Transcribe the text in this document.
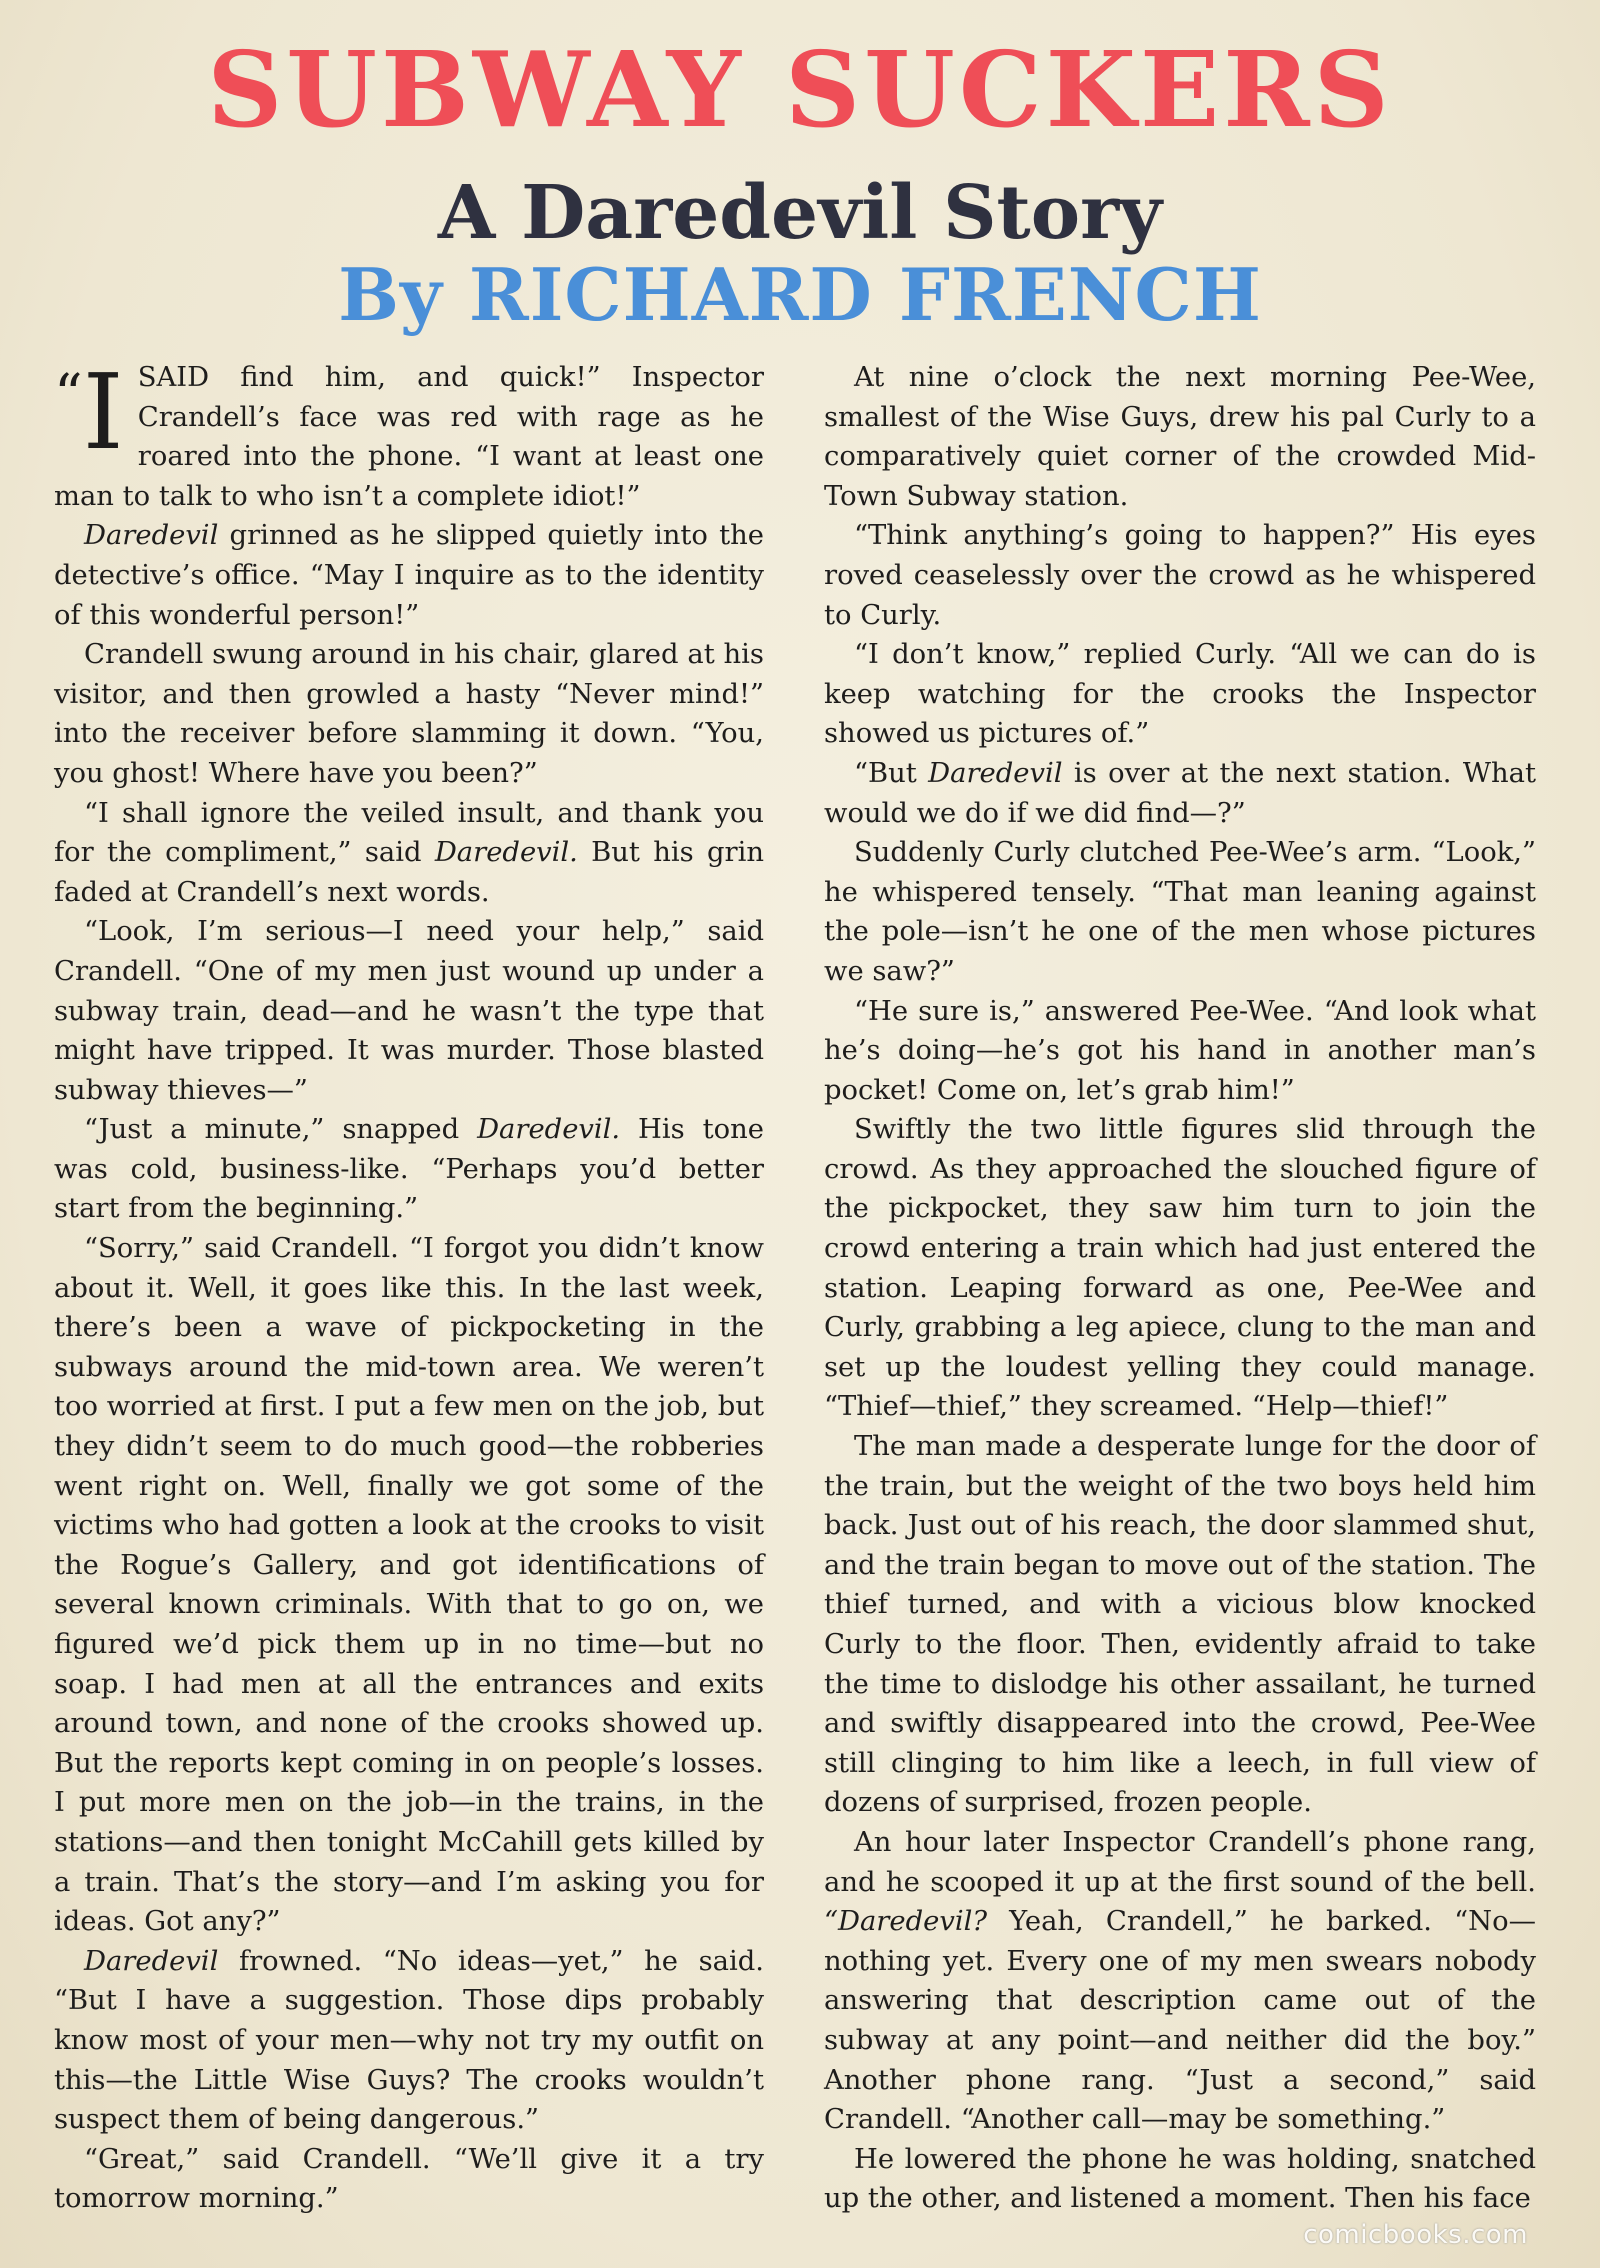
SUBWAY SUCKERS
A Daredevil Story
By RICHARD FRENCH

“I SAID find him, and quick!” Inspector Crandell’s face was red with rage as he roared into the phone. “I want at least one man to talk to who isn’t a complete idiot!”

Daredevil grinned as he slipped quietly into the detective’s office. “May I inquire as to the identity of this wonderful person!”

Crandell swung around in his chair, glared at his visitor, and then growled a hasty “Never mind!” into the receiver before slamming it down. “You, you ghost! Where have you been?”

“I shall ignore the veiled insult, and thank you for the compliment,” said Daredevil. But his grin faded at Crandell’s next words.

“Look, I’m serious—I need your help,” said Crandell. “One of my men just wound up under a subway train, dead—and he wasn’t the type that might have tripped. It was murder. Those blasted subway thieves—”

“Just a minute,” snapped Daredevil. His tone was cold, business-like. “Perhaps you’d better start from the beginning.”

“Sorry,” said Crandell. “I forgot you didn’t know about it. Well, it goes like this. In the last week, there’s been a wave of pickpocketing in the subways around the mid-town area. We weren’t too worried at first. I put a few men on the job, but they didn’t seem to do much good—the robberies went right on. Well, finally we got some of the victims who had gotten a look at the crooks to visit the Rogue’s Gallery, and got identifications of several known criminals. With that to go on, we figured we’d pick them up in no time—but no soap. I had men at all the entrances and exits around town, and none of the crooks showed up. But the reports kept coming in on people’s losses. I put more men on the job—in the trains, in the stations—and then tonight McCahill gets killed by a train. That’s the story—and I’m asking you for ideas. Got any?”

Daredevil frowned. “No ideas—yet,” he said. “But I have a suggestion. Those dips probably know most of your men—why not try my outfit on this—the Little Wise Guys? The crooks wouldn’t suspect them of being dangerous.”

“Great,” said Crandell. “We’ll give it a try tomorrow morning.”

At nine o’clock the next morning Pee-Wee, smallest of the Wise Guys, drew his pal Curly to a comparatively quiet corner of the crowded Mid-Town Subway station.

“Think anything’s going to happen?” His eyes roved ceaselessly over the crowd as he whispered to Curly.

“I don’t know,” replied Curly. “All we can do is keep watching for the crooks the Inspector showed us pictures of.”

“But Daredevil is over at the next station. What would we do if we did find—?”

Suddenly Curly clutched Pee-Wee’s arm. “Look,” he whispered tensely. “That man leaning against the pole—isn’t he one of the men whose pictures we saw?”

“He sure is,” answered Pee-Wee. “And look what he’s doing—he’s got his hand in another man’s pocket! Come on, let’s grab him!”

Swiftly the two little figures slid through the crowd. As they approached the slouched figure of the pickpocket, they saw him turn to join the crowd entering a train which had just entered the station. Leaping forward as one, Pee-Wee and Curly, grabbing a leg apiece, clung to the man and set up the loudest yelling they could manage. “Thief—thief,” they screamed. “Help—thief!”

The man made a desperate lunge for the door of the train, but the weight of the two boys held him back. Just out of his reach, the door slammed shut, and the train began to move out of the station. The thief turned, and with a vicious blow knocked Curly to the floor. Then, evidently afraid to take the time to dislodge his other assailant, he turned and swiftly disappeared into the crowd, Pee-Wee still clinging to him like a leech, in full view of dozens of surprised, frozen people.

An hour later Inspector Crandell’s phone rang, and he scooped it up at the first sound of the bell. “Daredevil? Yeah, Crandell,” he barked. “No—nothing yet. Every one of my men swears nobody answering that description came out of the subway at any point—and neither did the boy.” Another phone rang. “Just a second,” said Crandell. “Another call—may be something.”

He lowered the phone he was holding, snatched up the other, and listened a moment. Then his face

comicbooks.com
